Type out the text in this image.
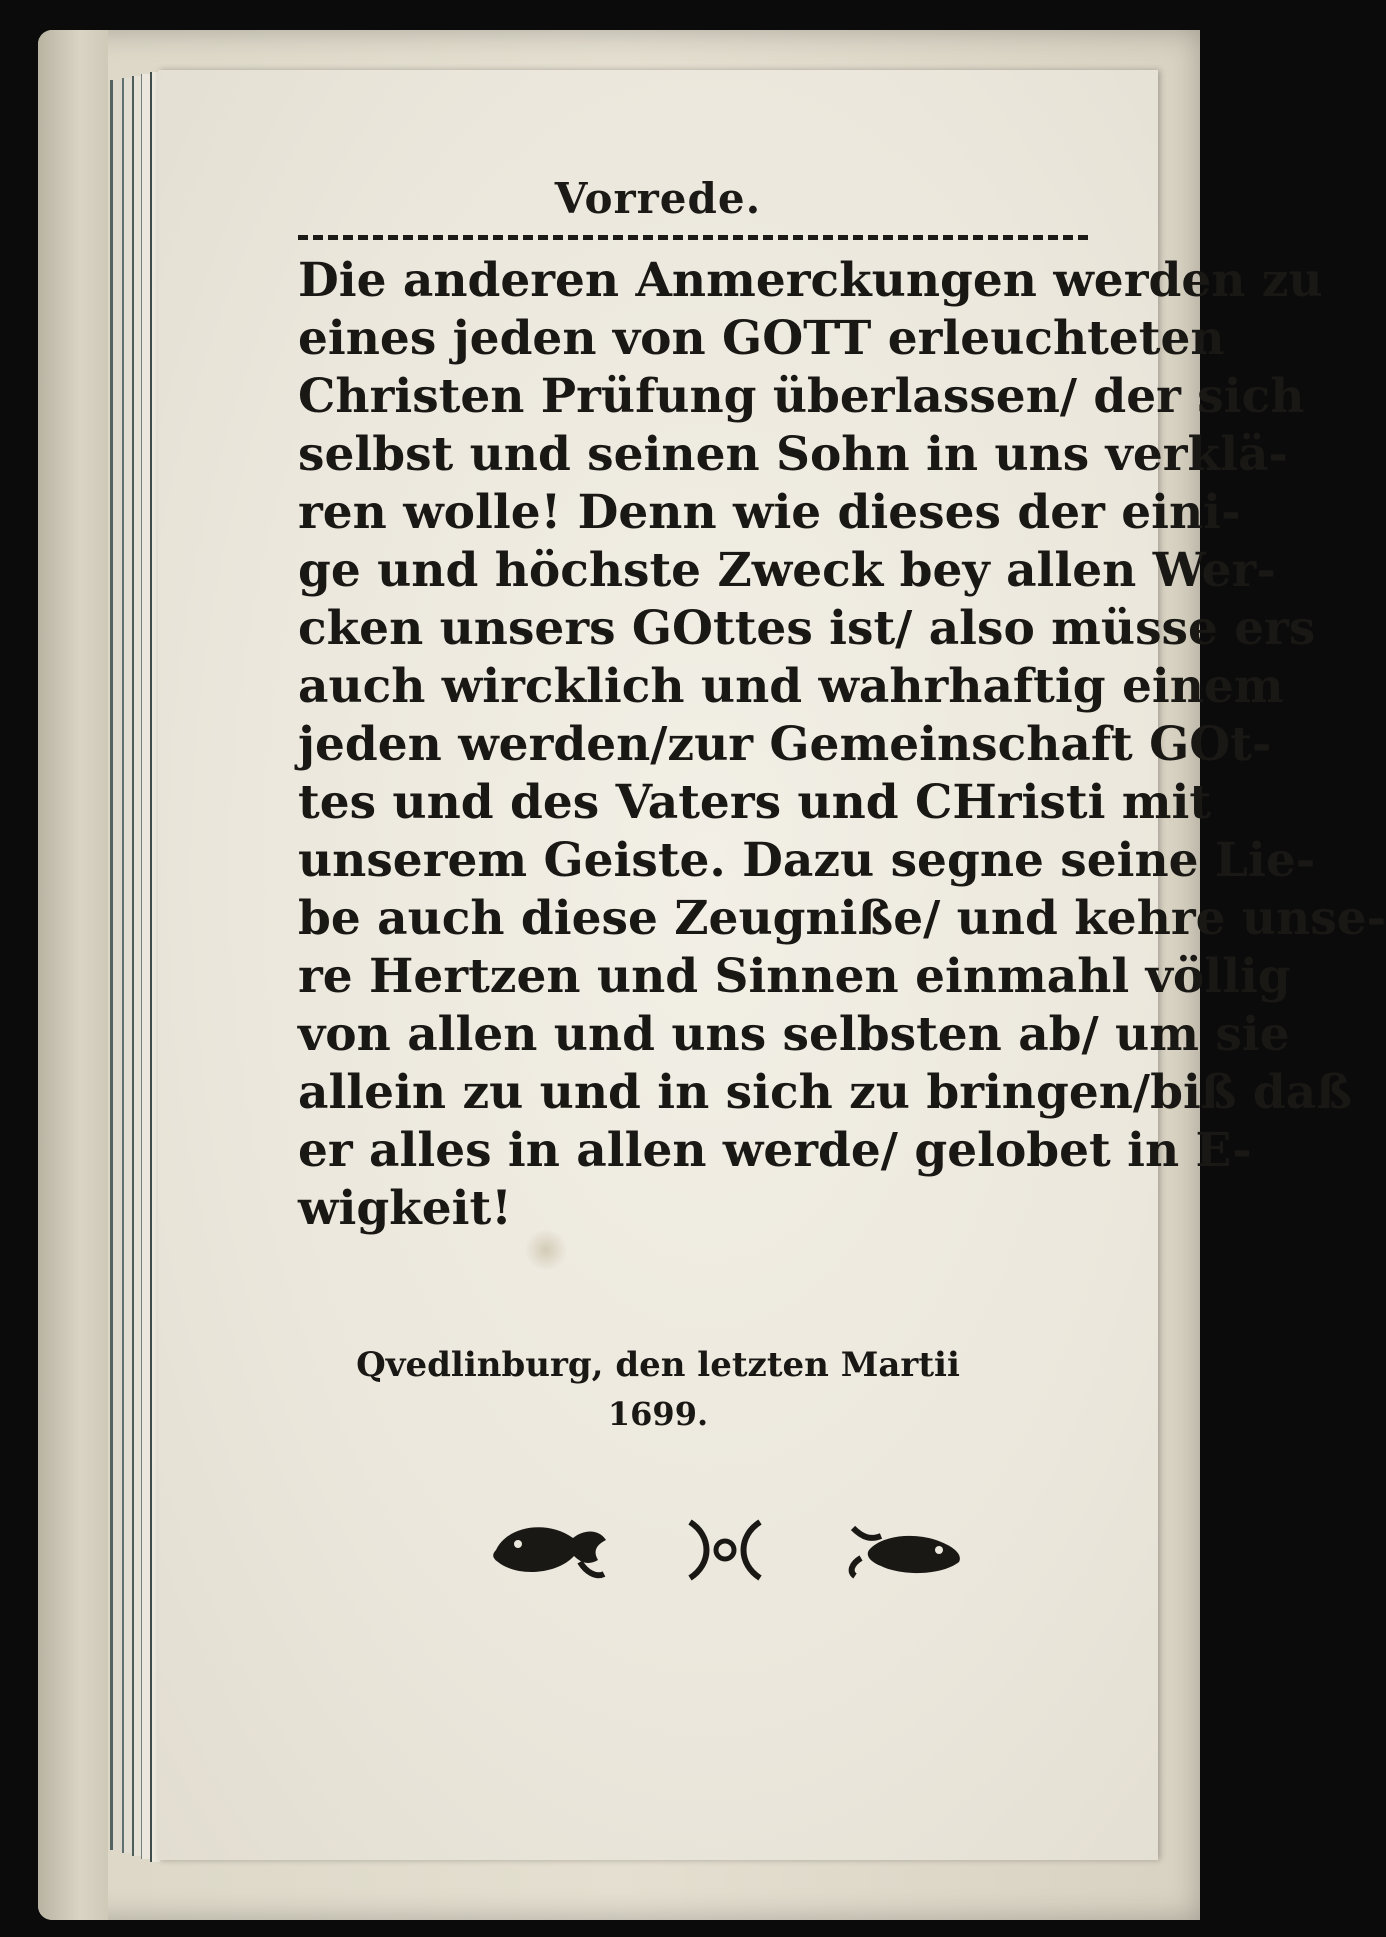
Vorrede.
Die anderen Anmerckungen werden zu
eines jeden von GOTT erleuchteten
Christen Prüfung überlassen/ der sich
selbst und seinen Sohn in uns verklä-
ren wolle! Denn wie dieses der eini-
ge und höchste Zweck bey allen Wer-
cken unsers GOttes ist/ also müsse ers
auch wircklich und wahrhaftig einem
jeden werden/zur Gemeinschaft GOt-
tes und des Vaters und CHristi mit
unserem Geiste. Dazu segne seine Lie-
be auch diese Zeugniße/ und kehre unse-
re Hertzen und Sinnen einmahl völlig
von allen und uns selbsten ab/ um sie
allein zu und in sich zu bringen/biß daß
er alles in allen werde/ gelobet in E-
wigkeit!
Qvedlinburg, den letzten Martii
1699.
